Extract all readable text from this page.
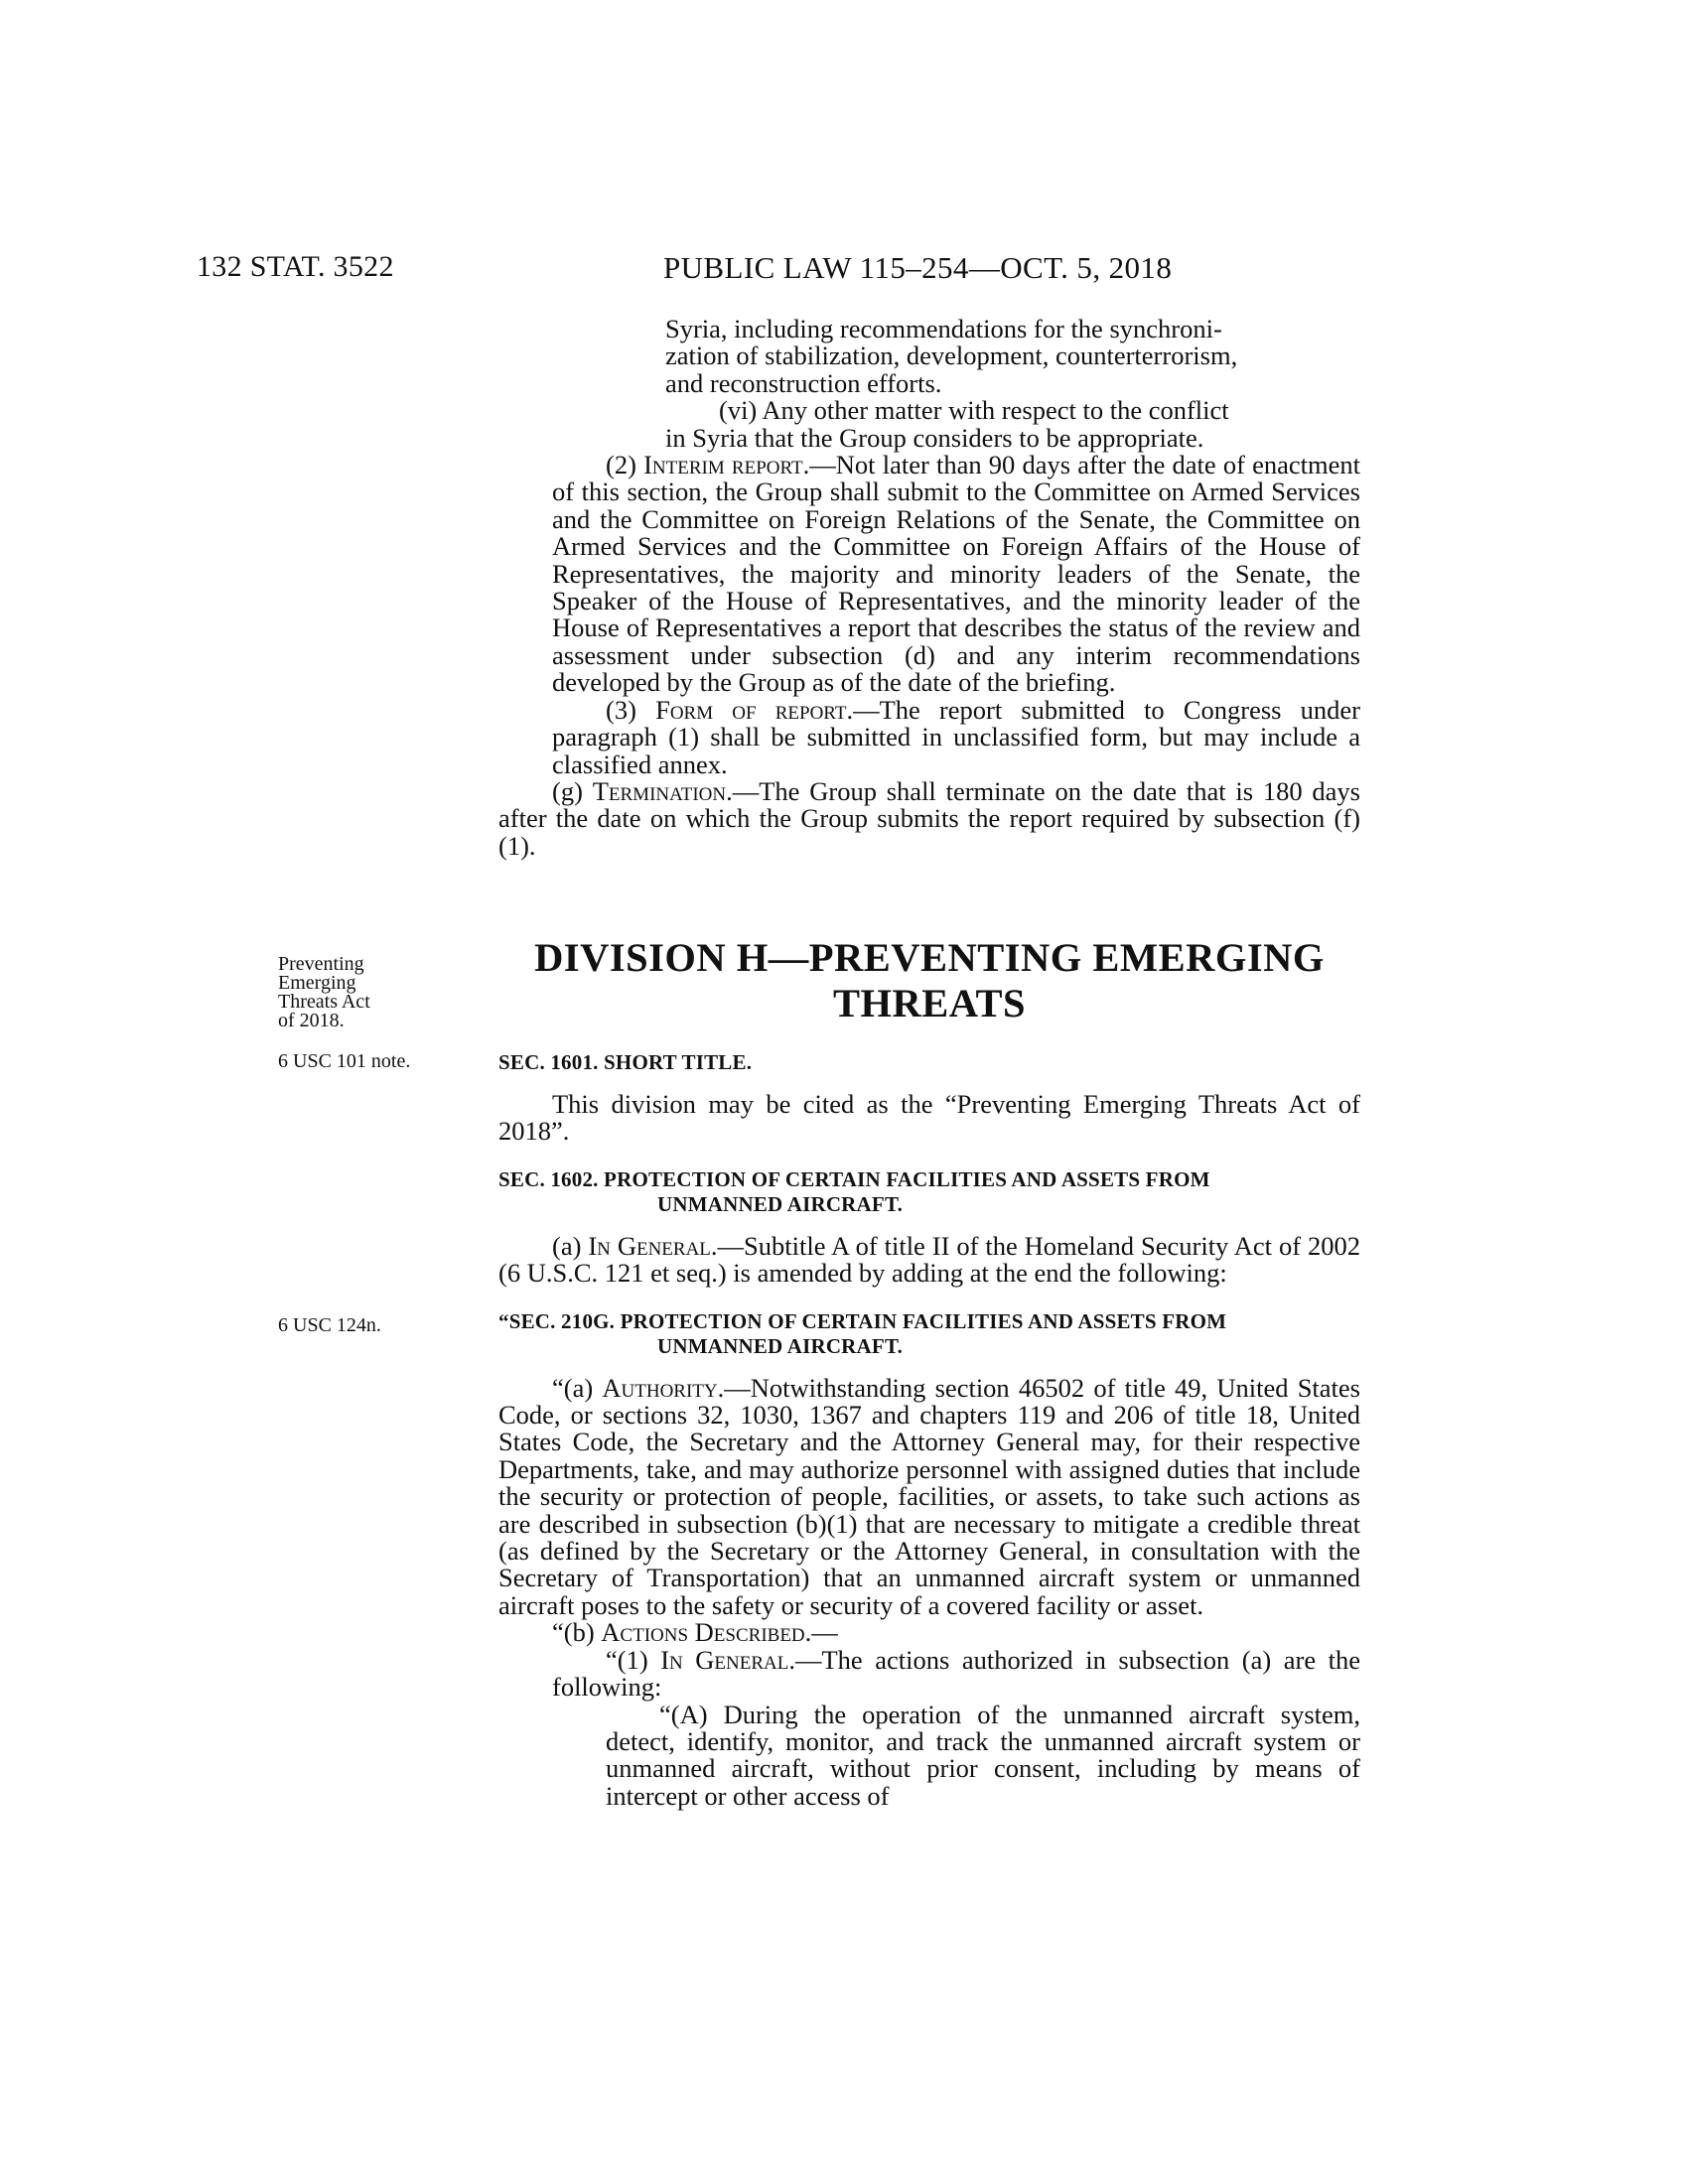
132 STAT. 3522	PUBLIC LAW 115–254—OCT. 5, 2018

Syria, including recommendations for the synchroni-

zation of stabilization, development, counterterrorism,

and reconstruction efforts.

(vi) Any other matter with respect to the conflict

in Syria that the Group considers to be appropriate.

(2) Interim report.—Not later than 90 days after the date of enactment of this section, the Group shall submit to the Committee on Armed Services and the Committee on Foreign Relations of the Senate, the Committee on Armed Services and the Committee on Foreign Affairs of the House of Representatives, the majority and minority leaders of the Senate, the Speaker of the House of Representatives, and the minority leader of the House of Representatives a report that describes the status of the review and assessment under subsection (d) and any interim recommendations developed by the Group as of the date of the briefing.

(3) Form of report.—The report submitted to Congress under paragraph (1) shall be submitted in unclassified form, but may include a classified annex.

(g) Termination.—The Group shall terminate on the date that is 180 days after the date on which the Group submits the report required by subsection (f)(1).

Preventing
Emerging
Threats Act
of 2018.
6 USC 101 note.
6 USC 124n.
DIVISION H—PREVENTING EMERGING
THREATS

SEC. 1601. SHORT TITLE.

This division may be cited as the “Preventing Emerging Threats Act of 2018”.

SEC. 1602. PROTECTION OF CERTAIN FACILITIES AND ASSETS FROM
UNMANNED AIRCRAFT.

(a) In General.—Subtitle A of title II of the Homeland Security Act of 2002 (6 U.S.C. 121 et seq.) is amended by adding at the end the following:

“SEC. 210G. PROTECTION OF CERTAIN FACILITIES AND ASSETS FROM
UNMANNED AIRCRAFT.

“(a) Authority.—Notwithstanding section 46502 of title 49, United States Code, or sections 32, 1030, 1367 and chapters 119 and 206 of title 18, United States Code, the Secretary and the Attorney General may, for their respective Departments, take, and may authorize personnel with assigned duties that include the security or protection of people, facilities, or assets, to take such actions as are described in subsection (b)(1) that are necessary to mitigate a credible threat (as defined by the Secretary or the Attorney General, in consultation with the Secretary of Transportation) that an unmanned aircraft system or unmanned aircraft poses to the safety or security of a covered facility or asset.

“(b) Actions Described.—

“(1) In General.—The actions authorized in subsection (a) are the following:

“(A) During the operation of the unmanned aircraft system, detect, identify, monitor, and track the unmanned aircraft system or unmanned aircraft, without prior consent, including by means of intercept or other access of
